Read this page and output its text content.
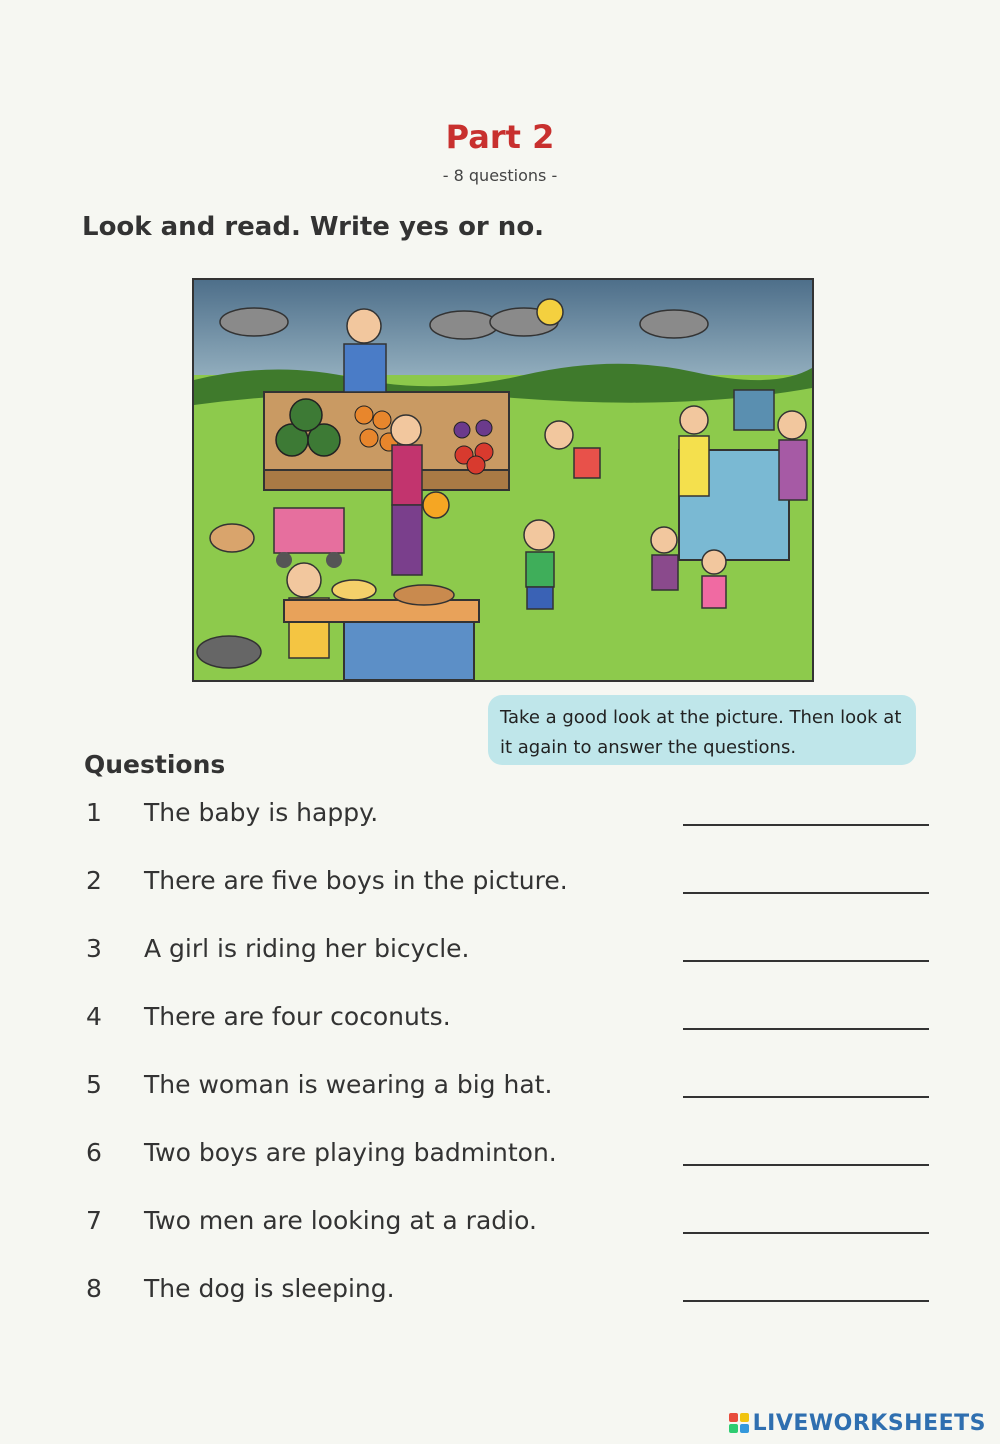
Part 2
- 8 questions -
Look and read. Write yes or no.
Take a good look at the picture. Then look at it again to answer the questions.
Questions
1	The baby is happy.
2	There are five boys in the picture.
3	A girl is riding her bicycle.
4	There are four coconuts.
5	The woman is wearing a big hat.
6	Two boys are playing badminton.
7	Two men are looking at a radio.
8	The dog is sleeping.
LIVEWORKSHEETS
